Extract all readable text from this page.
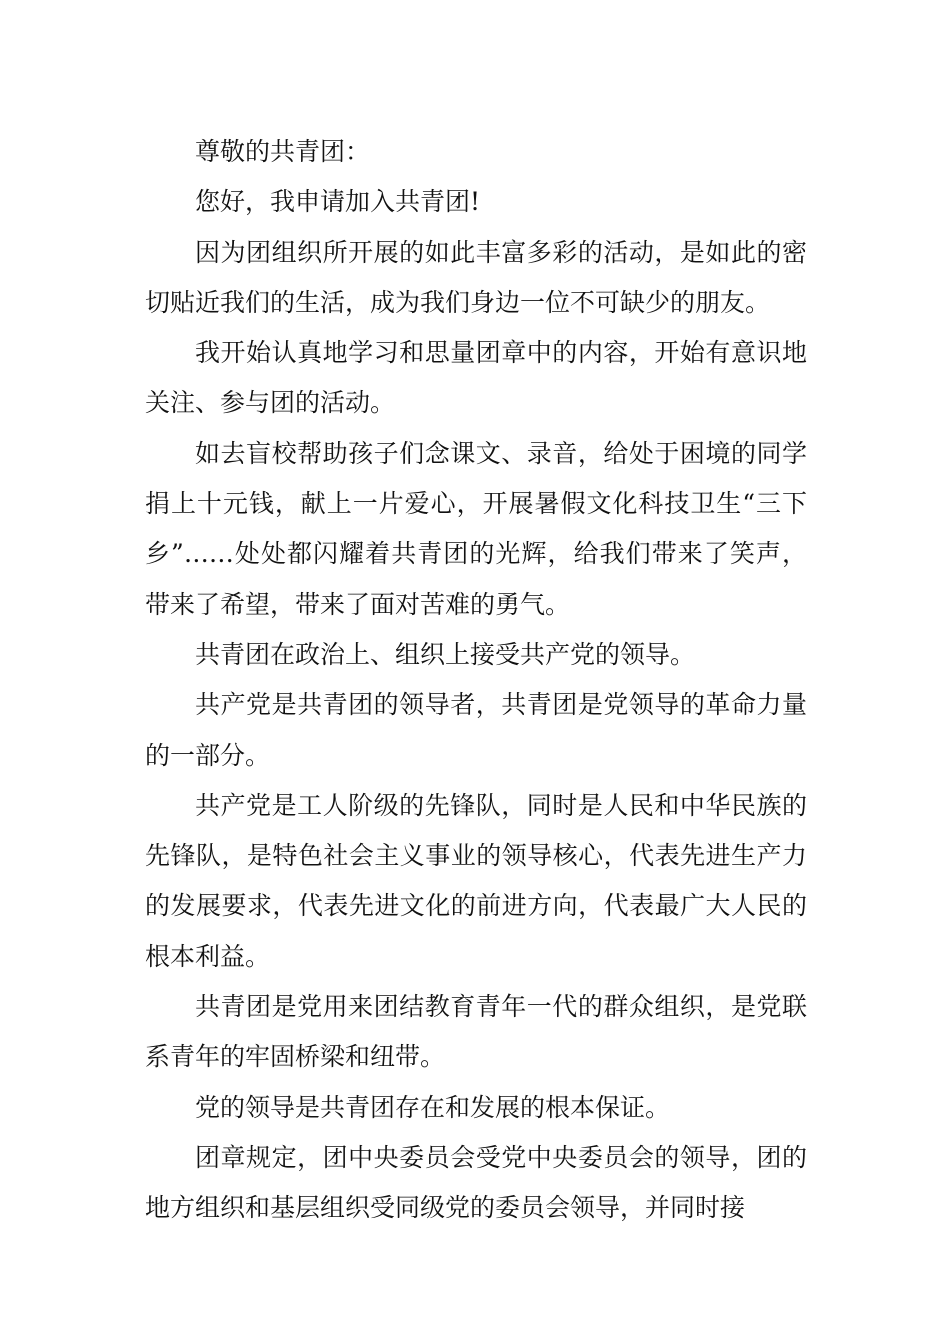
尊敬的共青团：

您好，我申请加入共青团!

因为团组织所开展的如此丰富多彩的活动，是如此的密切贴近我们的生活，成为我们身边一位不可缺少的朋友。

我开始认真地学习和思量团章中的内容，开始有意识地关注、参与团的活动。

如去盲校帮助孩子们念课文、录音，给处于困境的同学捐上十元钱，献上一片爱心，开展暑假文化科技卫生“三下乡”……处处都闪耀着共青团的光辉，给我们带来了笑声，带来了希望，带来了面对苦难的勇气。

共青团在政治上、组织上接受共产党的领导。

共产党是共青团的领导者，共青团是党领导的革命力量的一部分。

共产党是工人阶级的先锋队，同时是人民和中华民族的先锋队，是特色社会主义事业的领导核心，代表先进生产力的发展要求，代表先进文化的前进方向，代表最广大人民的根本利益。

共青团是党用来团结教育青年一代的群众组织，是党联系青年的牢固桥梁和纽带。

党的领导是共青团存在和发展的根本保证。

团章规定，团中央委员会受党中央委员会的领导，团的地方组织和基层组织受同级党的委员会领导，并同时接
